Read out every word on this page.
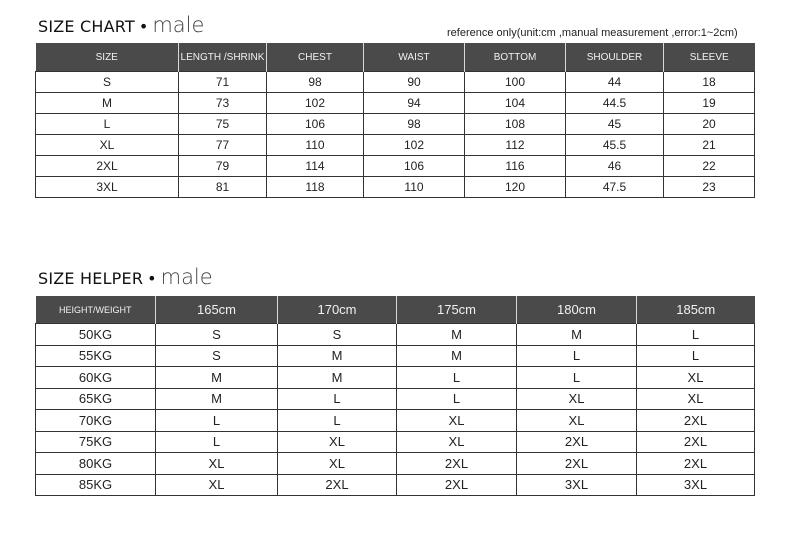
SIZE CHART • male	reference only(unit:cm ,manual measurement ,error:1~2cm)
SIZE	LENGTH /SHRINK	CHEST	WAIST	BOTTOM	SHOULDER	SLEEVE
S	71	98	90	100	44	18
M	73	102	94	104	44.5	19
L	75	106	98	108	45	20
XL	77	110	102	112	45.5	21
2XL	79	114	106	116	46	22
3XL	81	118	110	120	47.5	23
SIZE HELPER • male
HEIGHT/WEIGHT	165cm	170cm	175cm	180cm	185cm
50KG	S	S	M	M	L
55KG	S	M	M	L	L
60KG	M	M	L	L	XL
65KG	M	L	L	XL	XL
70KG	L	L	XL	XL	2XL
75KG	L	XL	XL	2XL	2XL
80KG	XL	XL	2XL	2XL	2XL
85KG	XL	2XL	2XL	3XL	3XL
